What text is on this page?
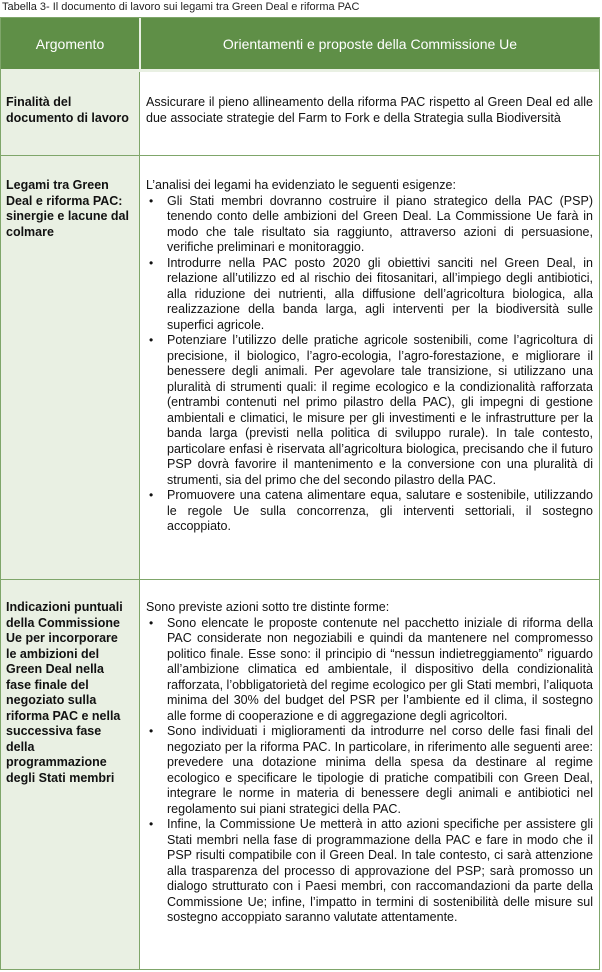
Tabella 3- Il documento di lavoro sui legami tra Green Deal e riforma PAC
Argomento	Orientamenti e proposte della Commissione Ue
Finalità del documento di lavoro

Assicurare il pieno allineamento della riforma PAC rispetto al Green Deal ed alle due associate strategie del Farm to Fork e della Strategia sulla Biodiversità

Legami tra Green Deal e riforma PAC: sinergie e lacune dal colmare

L’analisi dei legami ha evidenziato le seguenti esigenze:

• Gli Stati membri dovranno costruire il piano strategico della PAC (PSP) tenendo conto delle ambizioni del Green Deal. La Commissione Ue farà in modo che tale risultato sia raggiunto, attraverso azioni di persuasione, verifiche preliminari e monitoraggio.
• Introdurre nella PAC posto 2020 gli obiettivi sanciti nel Green Deal, in relazione all’utilizzo ed al rischio dei fitosanitari, all’impiego degli antibiotici, alla riduzione dei nutrienti, alla diffusione dell’agricoltura biologica, alla realizzazione della banda larga, agli interventi per la biodiversità sulle superfici agricole.
• Potenziare l’utilizzo delle pratiche agricole sostenibili, come l’agricoltura di precisione, il biologico, l’agro-ecologia, l’agro-forestazione, e migliorare il benessere degli animali. Per agevolare tale transizione, si utilizzano una pluralità di strumenti quali: il regime ecologico e la condizionalità rafforzata (entrambi contenuti nel primo pilastro della PAC), gli impegni di gestione ambientali e climatici, le misure per gli investimenti e le infrastrutture per la banda larga (previsti nella politica di sviluppo rurale). In tale contesto, particolare enfasi è riservata all’agricoltura biologica, precisando che il futuro PSP dovrà favorire il mantenimento e la conversione con una pluralità di strumenti, sia del primo che del secondo pilastro della PAC.
• Promuovere una catena alimentare equa, salutare e sostenibile, utilizzando le regole Ue sulla concorrenza, gli interventi settoriali, il sostegno accoppiato.
Indicazioni puntuali della Commissione Ue per incorporare le ambizioni del Green Deal nella fase finale del negoziato sulla riforma PAC e nella successiva fase della programmazione degli Stati membri

Sono previste azioni sotto tre distinte forme:

• Sono elencate le proposte contenute nel pacchetto iniziale di riforma della PAC considerate non negoziabili e quindi da mantenere nel compromesso politico finale. Esse sono: il principio di “nessun indietreggiamento” riguardo all’ambizione climatica ed ambientale, il dispositivo della condizionalità rafforzata, l’obbligatorietà del regime ecologico per gli Stati membri, l’aliquota minima del 30% del budget del PSR per l’ambiente ed il clima, il sostegno alle forme di cooperazione e di aggregazione degli agricoltori.
• Sono individuati i miglioramenti da introdurre nel corso delle fasi finali del negoziato per la riforma PAC. In particolare, in riferimento alle seguenti aree: prevedere una dotazione minima della spesa da destinare al regime ecologico e specificare le tipologie di pratiche compatibili con Green Deal, integrare le norme in materia di benessere degli animali e antibiotici nel regolamento sui piani strategici della PAC.
• Infine, la Commissione Ue metterà in atto azioni specifiche per assistere gli Stati membri nella fase di programmazione della PAC e fare in modo che il PSP risulti compatibile con il Green Deal. In tale contesto, ci sarà attenzione alla trasparenza del processo di approvazione del PSP; sarà promosso un dialogo strutturato con i Paesi membri, con raccomandazioni da parte della Commissione Ue; infine, l’impatto in termini di sostenibilità delle misure sul sostegno accoppiato saranno valutate attentamente.
